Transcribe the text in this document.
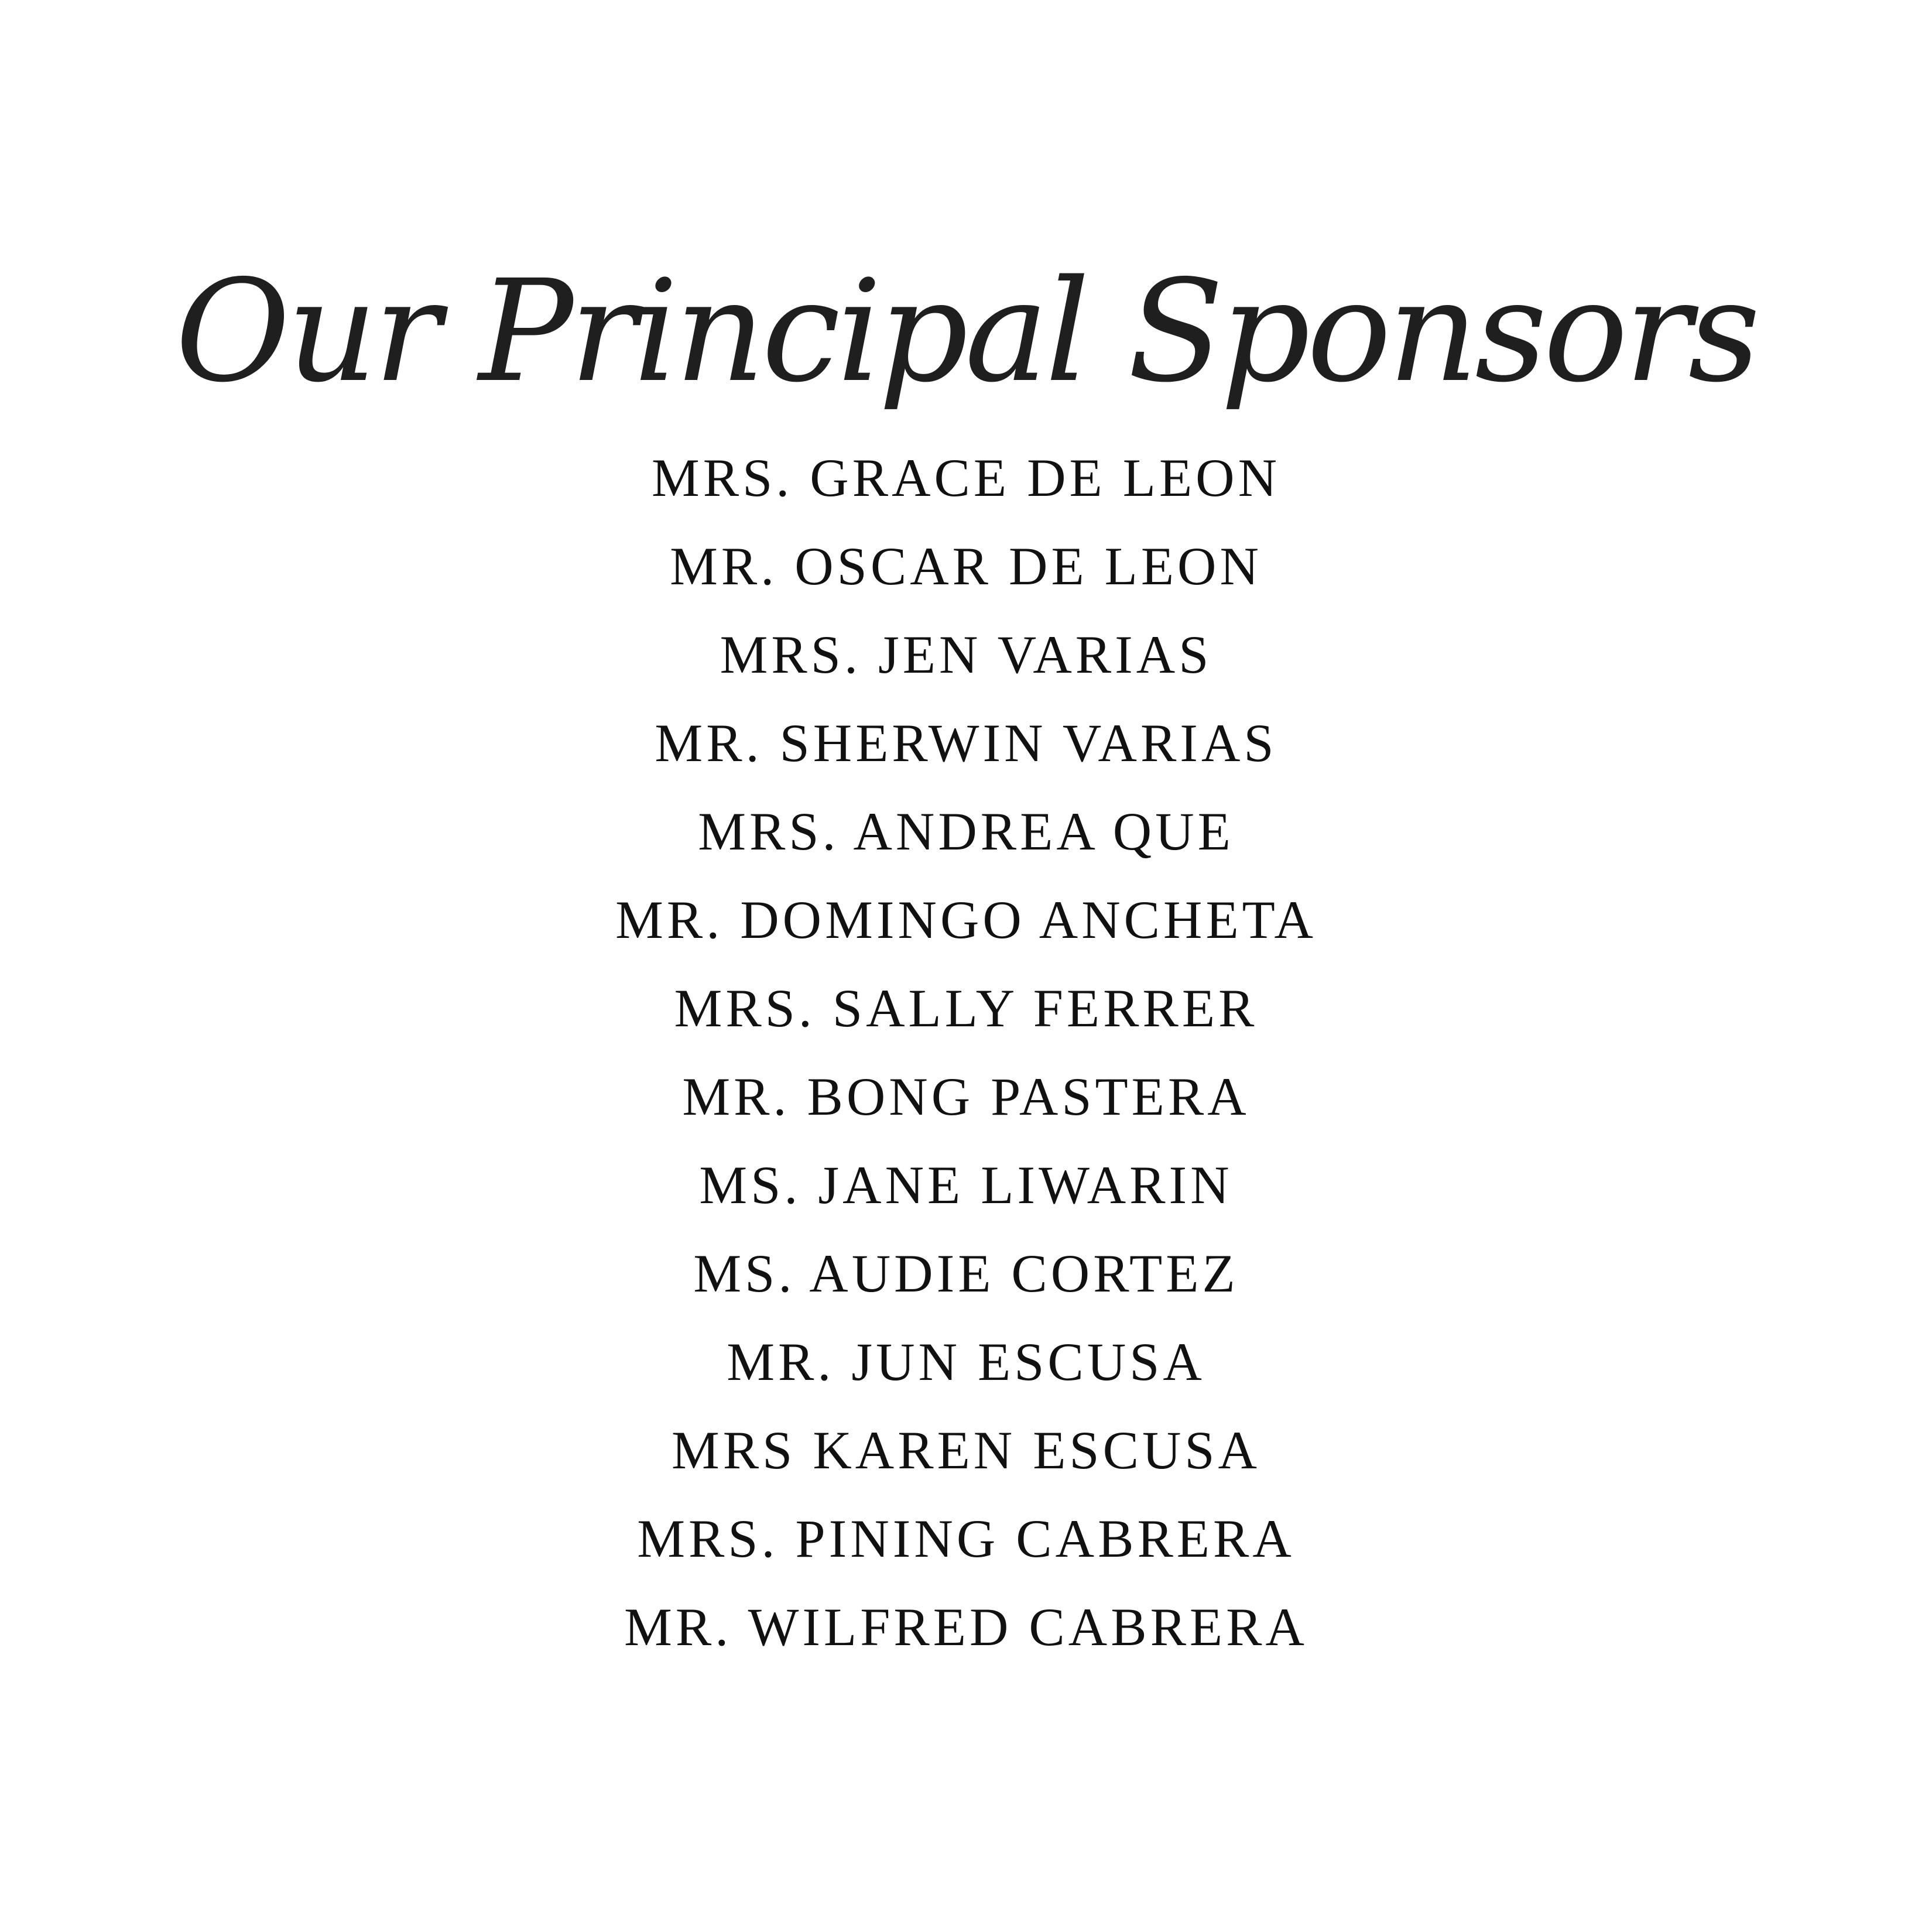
Our Principal Sponsors
MRS. GRACE DE LEON
MR. OSCAR DE LEON
MRS. JEN VARIAS
MR. SHERWIN VARIAS
MRS. ANDREA QUE
MR. DOMINGO ANCHETA
MRS. SALLY FERRER
MR. BONG PASTERA
MS. JANE LIWARIN
MS. AUDIE CORTEZ
MR. JUN ESCUSA
MRS KAREN ESCUSA
MRS. PINING CABRERA
MR. WILFRED CABRERA
